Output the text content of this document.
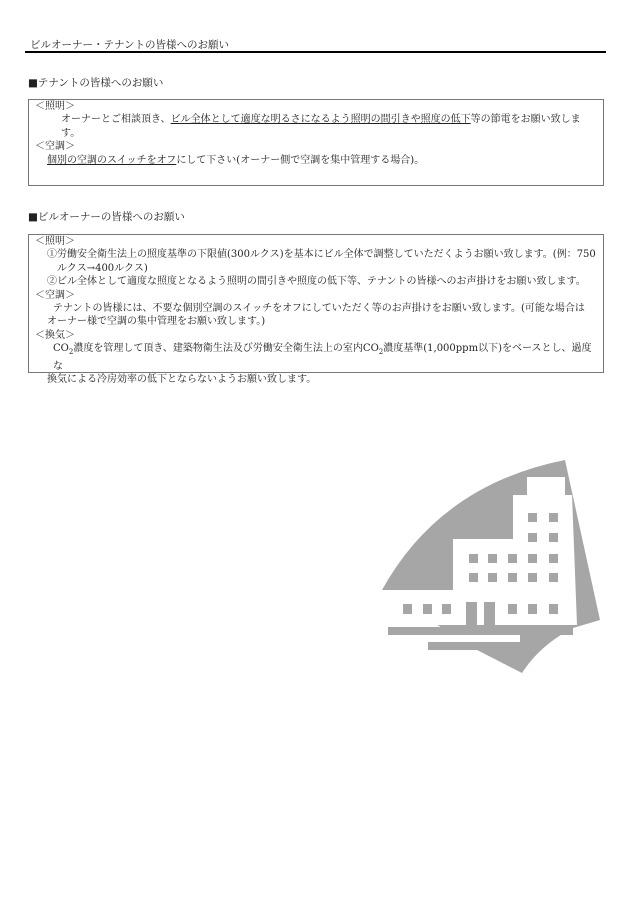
ビルオーナー・テナントの皆様へのお願い
■テナントの皆様へのお願い
＜照明＞
オーナーとご相談頂き、ビル全体として適度な明るさになるよう照明の間引きや照度の低下等の節電をお願い致します。
＜空調＞
個別の空調のスイッチをオフにして下さい(オーナー側で空調を集中管理する場合)。
■ビルオーナーの皆様へのお願い
＜照明＞
①労働安全衛生法上の照度基準の下限値(300ルクス)を基本にビル全体で調整していただくようお願い致します。(例：750
ルクス→400ルクス)
②ビル全体として適度な照度となるよう照明の間引きや照度の低下等、テナントの皆様へのお声掛けをお願い致します。
＜空調＞
テナントの皆様には、不要な個別空調のスイッチをオフにしていただく等のお声掛けをお願い致します。(可能な場合は
オーナー様で空調の集中管理をお願い致します。)
＜換気＞
$CO_2$濃度を管理して頂き、建築物衛生法及び労働安全衛生法上の室内$CO_2$濃度基準(1,000ppm以下)をベースとし、過度な
換気による冷房効率の低下とならないようお願い致します。
